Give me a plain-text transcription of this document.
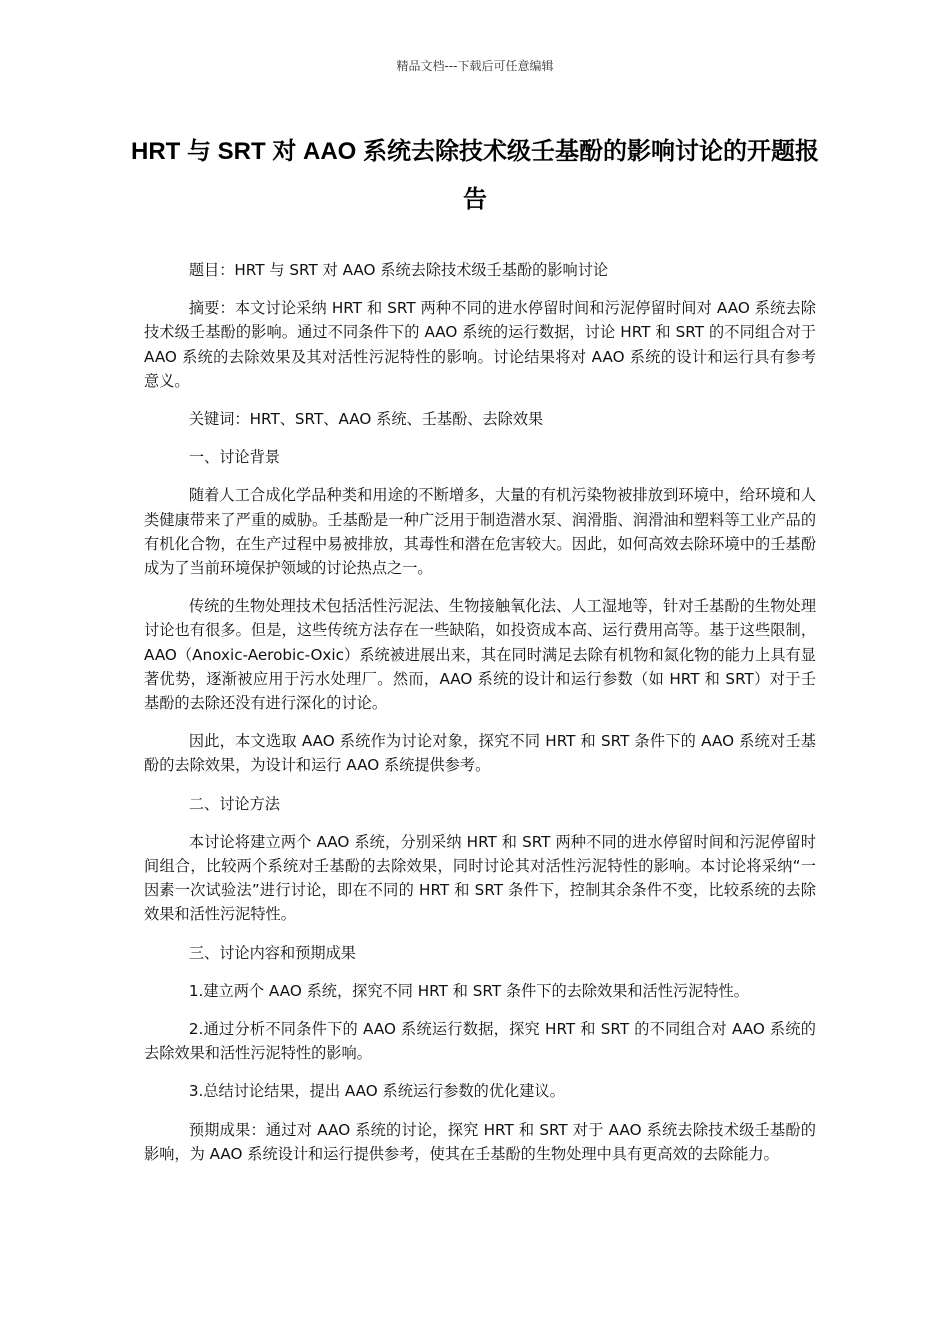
精品文档---下载后可任意编辑
HRT 与 SRT 对 AAO 系统去除技术级壬基酚的影响讨论的开题报告

题目：HRT 与 SRT 对 AAO 系统去除技术级壬基酚的影响讨论

摘要：本文讨论采纳 HRT 和 SRT 两种不同的进水停留时间和污泥停留时间对 AAO 系统去除技术级壬基酚的影响。通过不同条件下的 AAO 系统的运行数据，讨论 HRT 和 SRT 的不同组合对于 AAO 系统的去除效果及其对活性污泥特性的影响。讨论结果将对 AAO 系统的设计和运行具有参考意义。

关键词：HRT、SRT、AAO 系统、壬基酚、去除效果

一、讨论背景

随着人工合成化学品种类和用途的不断增多，大量的有机污染物被排放到环境中，给环境和人类健康带来了严重的威胁。壬基酚是一种广泛用于制造潜水泵、润滑脂、润滑油和塑料等工业产品的有机化合物，在生产过程中易被排放，其毒性和潜在危害较大。因此，如何高效去除环境中的壬基酚成为了当前环境保护领域的讨论热点之一。

传统的生物处理技术包括活性污泥法、生物接触氧化法、人工湿地等，针对壬基酚的生物处理讨论也有很多。但是，这些传统方法存在一些缺陷，如投资成本高、运行费用高等。基于这些限制，AAO（Anoxic-Aerobic-Oxic）系统被进展出来，其在同时满足去除有机物和氮化物的能力上具有显著优势，逐渐被应用于污水处理厂。然而，AAO 系统的设计和运行参数（如 HRT 和 SRT）对于壬基酚的去除还没有进行深化的讨论。

因此，本文选取 AAO 系统作为讨论对象，探究不同 HRT 和 SRT 条件下的 AAO 系统对壬基酚的去除效果，为设计和运行 AAO 系统提供参考。

二、讨论方法

本讨论将建立两个 AAO 系统，分别采纳 HRT 和 SRT 两种不同的进水停留时间和污泥停留时间组合，比较两个系统对壬基酚的去除效果，同时讨论其对活性污泥特性的影响。本讨论将采纳“一因素一次试验法”进行讨论，即在不同的 HRT 和 SRT 条件下，控制其余条件不变，比较系统的去除效果和活性污泥特性。

三、讨论内容和预期成果

1.建立两个 AAO 系统，探究不同 HRT 和 SRT 条件下的去除效果和活性污泥特性。

2.通过分析不同条件下的 AAO 系统运行数据，探究 HRT 和 SRT 的不同组合对 AAO 系统的去除效果和活性污泥特性的影响。

3.总结讨论结果，提出 AAO 系统运行参数的优化建议。

预期成果：通过对 AAO 系统的讨论，探究 HRT 和 SRT 对于 AAO 系统去除技术级壬基酚的影响，为 AAO 系统设计和运行提供参考，使其在壬基酚的生物处理中具有更高效的去除能力。
